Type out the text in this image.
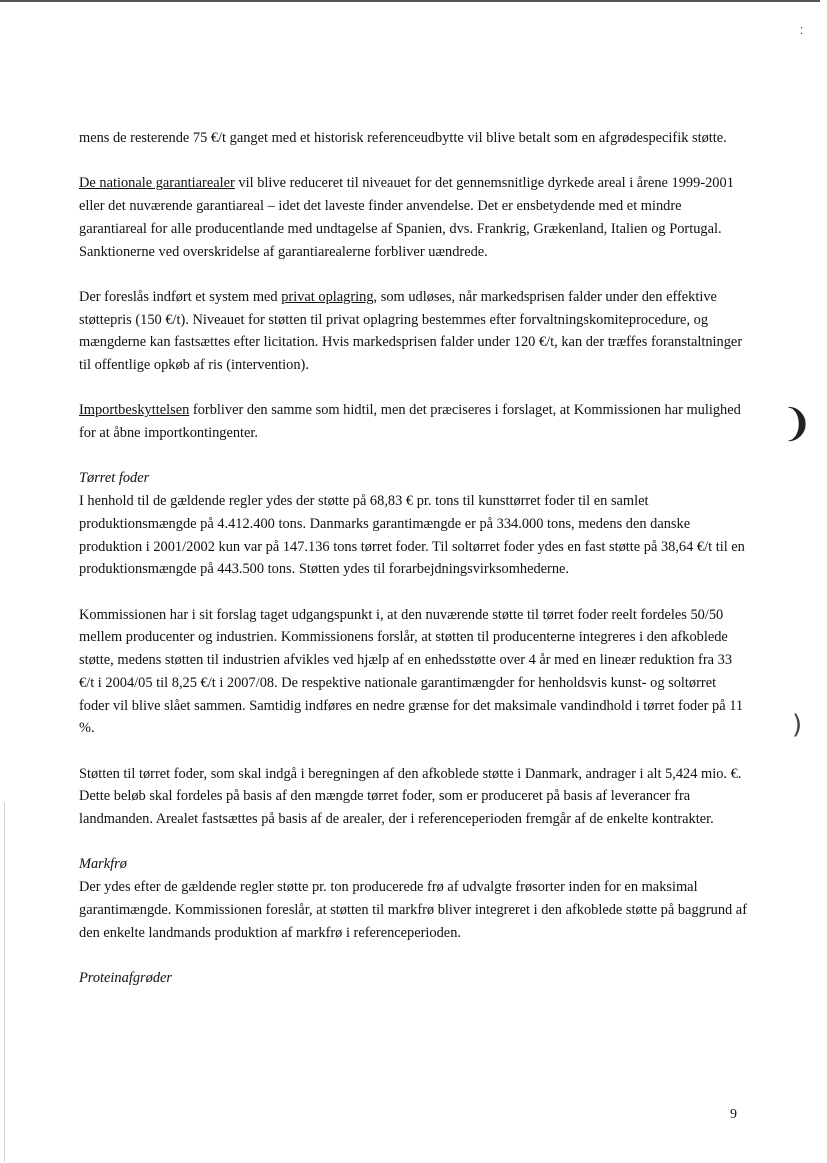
⁚
❩
)

mens de resterende 75 €/t ganget med et historisk referenceudbytte vil blive betalt som en afgrødespecifik støtte.

De nationale garantiarealer vil blive reduceret til niveauet for det gennemsnitlige dyrkede areal i årene 1999-2001 eller det nuværende garantiareal – idet det laveste finder anvendelse. Det er ensbetydende med et mindre garantiareal for alle producentlande med undtagelse af Spanien, dvs. Frankrig, Grækenland, Italien og Portugal. Sanktionerne ved overskridelse af garantiarealerne forbliver uændrede.

Der foreslås indført et system med privat oplagring, som udløses, når markedsprisen falder under den effektive støttepris (150 €/t). Niveauet for støtten til privat oplagring bestemmes efter forvaltningskomiteprocedure, og mængderne kan fastsættes efter licitation. Hvis markedsprisen falder under 120 €/t, kan der træffes foranstaltninger til offentlige opkøb af ris (intervention).

Importbeskyttelsen forbliver den samme som hidtil, men det præciseres i forslaget, at Kommissionen har mulighed for at åbne importkontingenter.

Tørret foder

I henhold til de gældende regler ydes der støtte på 68,83 € pr. tons til kunsttørret foder til en samlet produktionsmængde på 4.412.400 tons. Danmarks garantimængde er på 334.000 tons, medens den danske produktion i 2001/2002 kun var på 147.136 tons tørret foder. Til soltørret foder ydes en fast støtte på 38,64 €/t til en produktionsmængde på 443.500 tons. Støtten ydes til forarbejdningsvirksomhederne.

Kommissionen har i sit forslag taget udgangspunkt i, at den nuværende støtte til tørret foder reelt fordeles 50/50 mellem producenter og industrien. Kommissionens forslår, at støtten til producenterne integreres i den afkoblede støtte, medens støtten til industrien afvikles ved hjælp af en enhedsstøtte over 4 år med en lineær reduktion fra 33 €/t i 2004/05 til 8,25 €/t i 2007/08. De respektive nationale garantimængder for henholdsvis kunst- og soltørret foder vil blive slået sammen. Samtidig indføres en nedre grænse for det maksimale vandindhold i tørret foder på 11 %.

Støtten til tørret foder, som skal indgå i beregningen af den afkoblede støtte i Danmark, andrager i alt 5,424 mio. €. Dette beløb skal fordeles på basis af den mængde tørret foder, som er produceret på basis af leverancer fra landmanden. Arealet fastsættes på basis af de arealer, der i referenceperioden fremgår af de enkelte kontrakter.

Markfrø

Der ydes efter de gældende regler støtte pr. ton producerede frø af udvalgte frøsorter inden for en maksimal garantimængde. Kommissionen foreslår, at støtten til markfrø bliver integreret i den afkoblede støtte på baggrund af den enkelte landmands produktion af markfrø i referenceperioden.

Proteinafgrøder
9
